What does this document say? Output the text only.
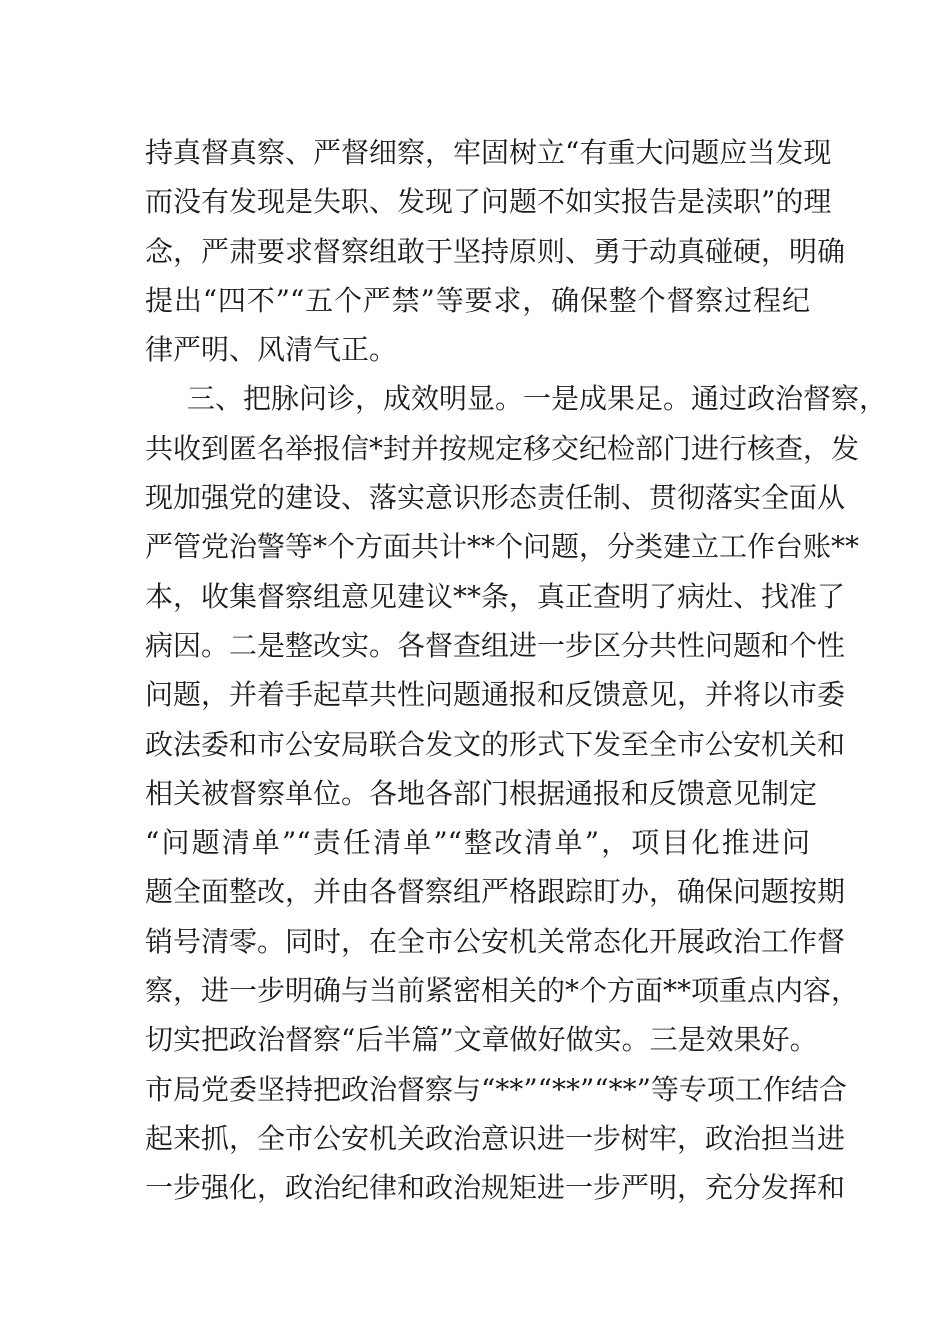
持真督真察、严督细察，牢固树立“有重大问题应当发现
而没有发现是失职、发现了问题不如实报告是渎职”的理
念，严肃要求督察组敢于坚持原则、勇于动真碰硬，明确
提出“四不”“五个严禁”等要求，确保整个督察过程纪
律严明、风清气正。
三、把脉问诊，成效明显。一是成果足。通过政治督察，
共收到匿名举报信*封并按规定移交纪检部门进行核查，发
现加强党的建设、落实意识形态责任制、贯彻落实全面从
严管党治警等*个方面共计**个问题，分类建立工作台账**
本，收集督察组意见建议**条，真正查明了病灶、找准了
病因。二是整改实。各督查组进一步区分共性问题和个性
问题，并着手起草共性问题通报和反馈意见，并将以市委
政法委和市公安局联合发文的形式下发至全市公安机关和
相关被督察单位。各地各部门根据通报和反馈意见制定
“问题清单”“责任清单”“整改清单”，项目化推进问
题全面整改，并由各督察组严格跟踪盯办，确保问题按期
销号清零。同时，在全市公安机关常态化开展政治工作督
察，进一步明确与当前紧密相关的*个方面**项重点内容，
切实把政治督察“后半篇”文章做好做实。三是效果好。
市局党委坚持把政治督察与“**”“**”“**”等专项工作结合
起来抓，全市公安机关政治意识进一步树牢，政治担当进
一步强化，政治纪律和政治规矩进一步严明，充分发挥和
